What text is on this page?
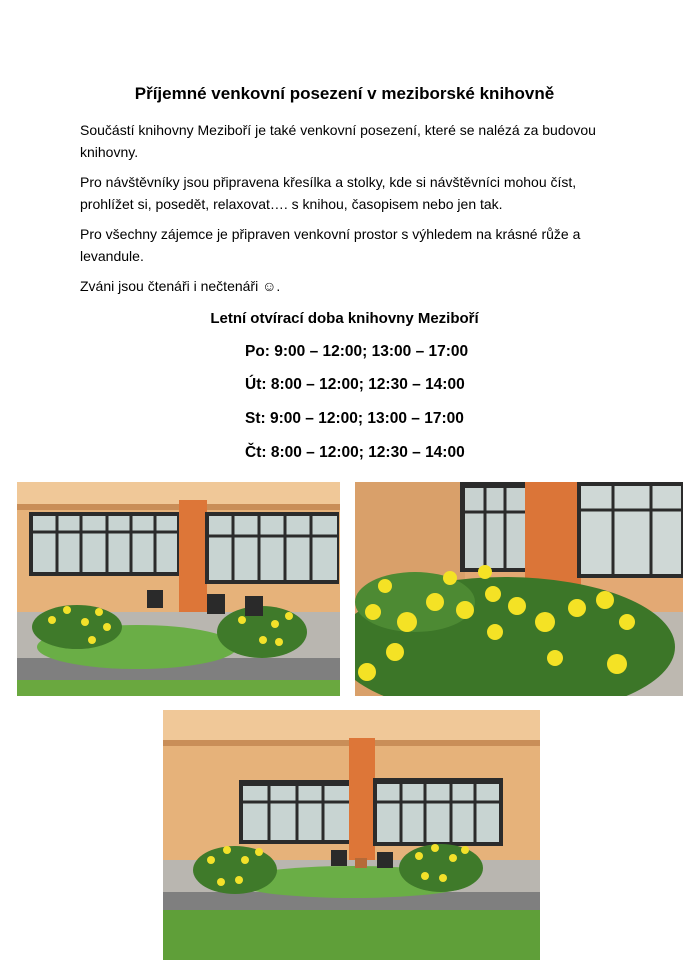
Příjemné venkovní posezení v meziborské knihovně

Součástí knihovny Meziboří je také venkovní posezení, které se nalézá za budovou knihovny.

Pro návštěvníky jsou připravena křesílka a stolky, kde si návštěvníci mohou číst, prohlížet si, posedět, relaxovat…. s knihou, časopisem nebo jen tak.

Pro všechny zájemce je připraven venkovní prostor s výhledem na krásné růže a levandule.

Zváni jsou čtenáři i nečtenáři ☺.

Letní otvírací doba knihovny Meziboří
Po: 9:00 – 12:00; 13:00 – 17:00
Út: 8:00 – 12:00; 12:30 – 14:00
St: 9:00 – 12:00; 13:00 – 17:00
Čt: 8:00 – 12:00; 12:30 – 14:00
